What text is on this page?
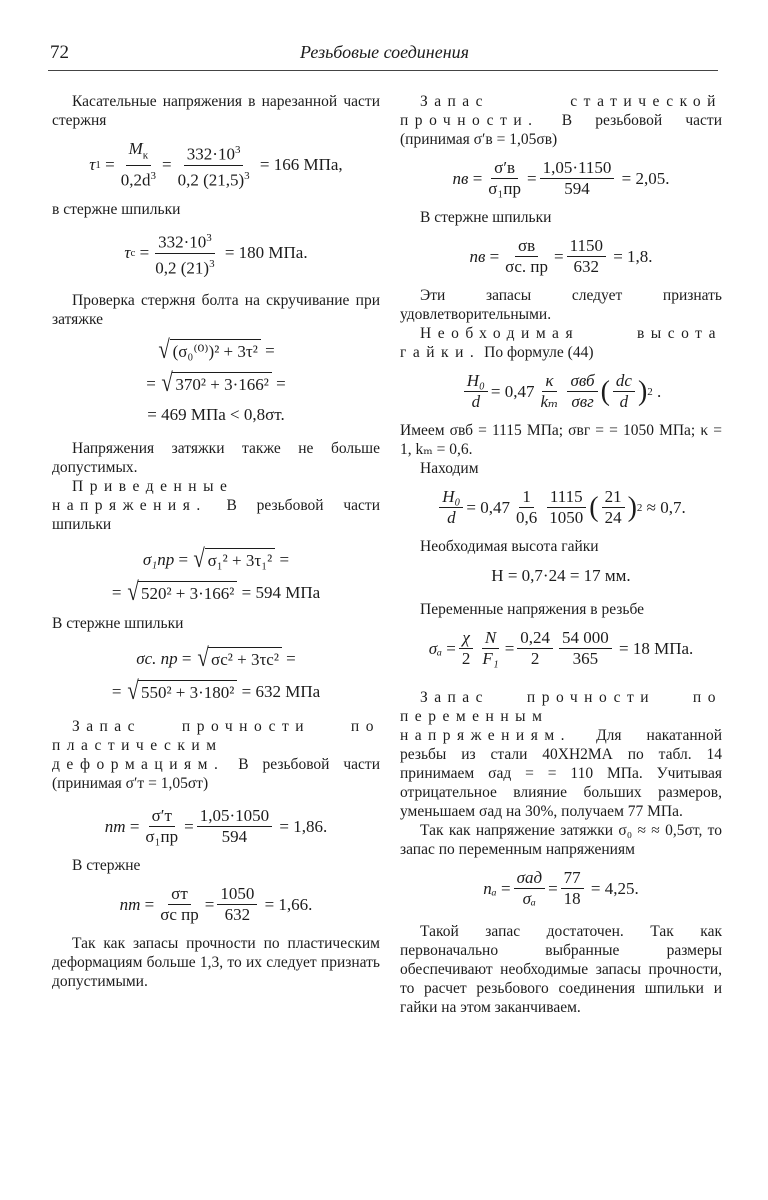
72	Резьбовые соединения

Касательные напряжения в нарезанной части стержня

τ $1 = \frac{M_к}{0,2d^3} = \frac{332\cdot 10^3}{0,2 (21,5)^3}$
= 166 МПа,

в стержне шпильки

τ $c = \frac{332\cdot 10^3}{0,2 (21)^3}$
= 180 МПа.

Проверка стержня болта на скручивание при затяжке

√ (σ₀⁽⁰⁾)² + 3τ² =
= √ 370² + 3·166² =
= 469 МПа < 0,8σт.

Напряжения затяжки также не больше допустимых.

Приведенные напряжения. В резьбовой части шпильки

σ₁пр = √ σ₁² + 3τ₁² =
= √ 520² + 3·166²
= 594 МПа

В стержне шпильки

σс. пр = √ σс² + 3τс² =
= √ 550² + 3·180²
= 632 МПа

Запас прочности по пластическим деформациям. В резьбовой части (принимая σ′т = 1,05σт)

nт = $\frac{\sigma'т}{\text{σ₁пр}} = \frac{1,05\cdot 1050}{594}$
= 1,86.

В стержне

nт = $\frac{\sigma т}{\text{σс пр}} = \frac{1050}{632}$
= 1,66.

Так как запасы прочности по пластическим деформациям больше 1,3, то их следует признать допустимыми.

Запас статической прочности. В резьбовой части (принимая σ′в = 1,05σв)

nв = $\frac{\sigma'в}{\text{σ₁пр}} = \frac{1,05\cdot 1150}{594}$
= 2,05.

В стержне шпильки

nв = $\frac{\sigma в}{\sigma с. пр} = \frac{1150}{632}$
= 1,8.

Эти запасы следует признать удовлетворительными.

Необходимая высота гайки. По формуле (44)

$\frac{\text{H₀}}{d} = 0,47 \frac{\kappa}{\text{kₘ}} \frac{\text{σвб}}{\text{σвг}}$ ( $\frac{dс}{d}$ ) 2
.

Имеем σвб = 1115 МПа; σвг = = 1050 МПа; κ = 1, kₘ = 0,6.

Находим

$\frac{\text{H₀}}{d} = 0,47 \frac{1}{0,6} \frac{1115}{1050}$ ( $\frac{21}{24}$ ) 2
≈ 0,7.

Необходимая высота гайки

H = 0,7·24 = 17 мм.

Переменные напряжения в резьбе

$\sigma_a = \frac{\chi}{2} \frac{N}{\text{F₁}} = \frac{0,24}{2} \frac{54 000}{365}$
= 18 МПа.

Запас прочности по переменным напряжениям. Для накатанной резьбы из стали 40ХН2МА по табл. 14 принимаем σaд = = 110 МПа. Учитывая отрицательное влияние больших размеров, уменьшаем σaд на 30%, получаем 77 МПа.

Так как напряжение затяжки σ₀ ≈ ≈ 0,5σт, то запас по переменным напряжениям

$n_a = \frac{\text{σaд}}{\text{σₐ}} = \frac{77}{18}$
= 4,25.

Такой запас достаточен. Так как первоначально выбранные размеры обеспечивают необходимые запасы прочности, то расчет резьбового соединения шпильки и гайки на этом заканчиваем.
